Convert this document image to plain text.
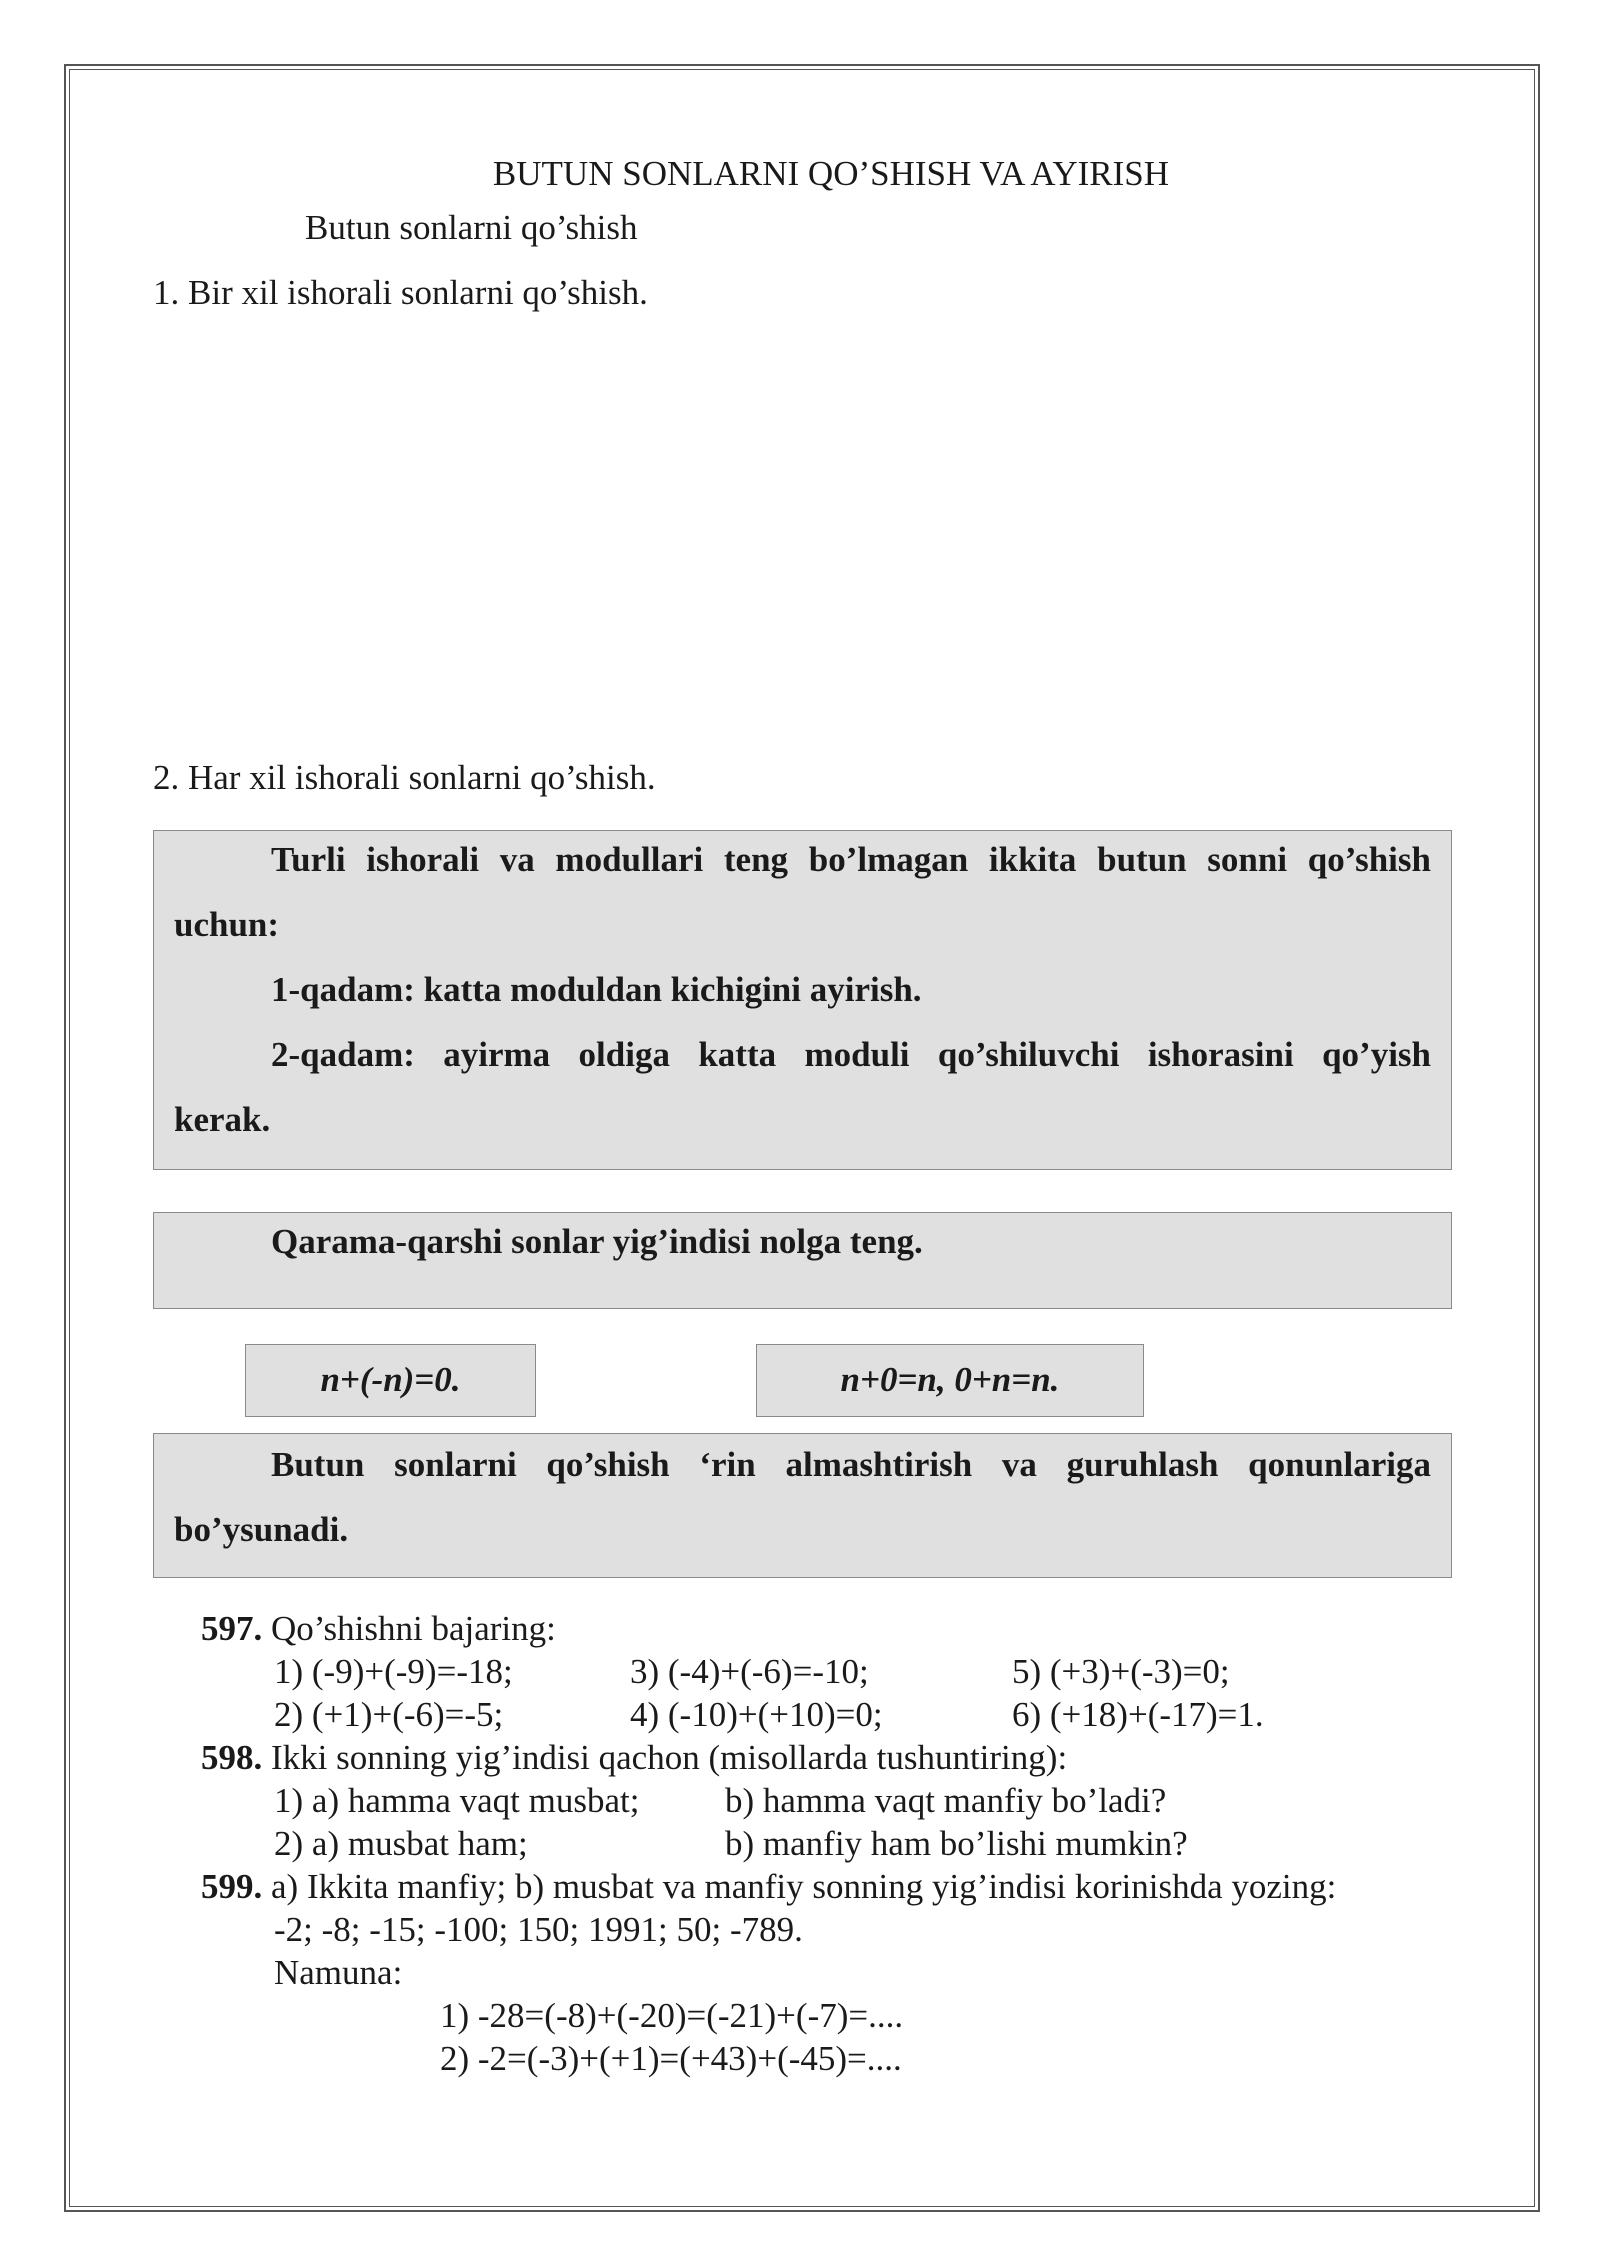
BUTUN SONLARNI QO’SHISH VA AYIRISH
Butun sonlarni qo’shish
1. Bir xil ishorali sonlarni qo’shish.
2. Har xil ishorali sonlarni qo’shish.
Turli ishorali va modullari teng bo’lmagan ikkita butun sonni qo’shish
uchun:
1-qadam: katta moduldan kichigini ayirish.
2-qadam: ayirma oldiga katta moduli qo’shiluvchi ishorasini qo’yish
kerak.
Qarama-qarshi sonlar yig’indisi nolga teng.
n+(-n)=0.	n+0=n, 0+n=n.
Butun sonlarni qo’shish ‘rin almashtirish va guruhlash qonunlariga
bo’ysunadi.
597. Qo’shishni bajaring:
1) (-9)+(-9)=-18;	3) (-4)+(-6)=-10;	5) (+3)+(-3)=0;
2) (+1)+(-6)=-5;	4) (-10)+(+10)=0;	6) (+18)+(-17)=1.
598. Ikki sonning yig’indisi qachon (misollarda tushuntiring):
1) a) hamma vaqt musbat; b) hamma vaqt manfiy bo’ladi?
2) a) musbat ham;	b) manfiy ham bo’lishi mumkin?
599. a) Ikkita manfiy; b) musbat va manfiy sonning yig’indisi korinishda yozing:
-2; -8; -15; -100; 150; 1991; 50; -789.
Namuna:
1) -28=(-8)+(-20)=(-21)+(-7)=....
2) -2=(-3)+(+1)=(+43)+(-45)=....
